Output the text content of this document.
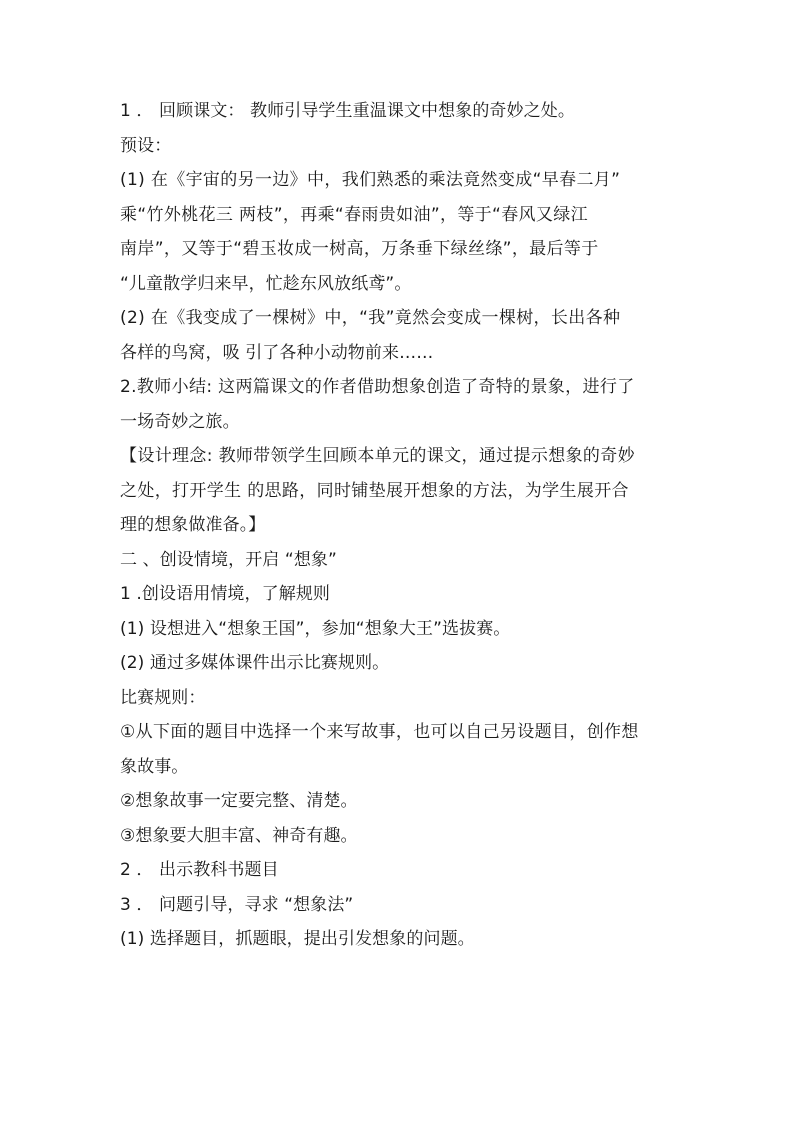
1 ． 回顾课文： 教师引导学生重温课文中想象的奇妙之处。
预设：
(1) 在《宇宙的另一边》中，我们熟悉的乘法竟然变成“早春二月”
乘“竹外桃花三 两枝”，再乘“春雨贵如油”，等于“春风又绿江
南岸”，又等于“碧玉妆成一树高，万条垂下绿丝绦”，最后等于
“儿童散学归来早，忙趁东风放纸鸢”。
(2) 在《我变成了一棵树》中，“我”竟然会变成一棵树，长出各种
各样的鸟窝，吸 引了各种小动物前来……
2.教师小结: 这两篇课文的作者借助想象创造了奇特的景象，进行了
一场奇妙之旅。
【设计理念: 教师带领学生回顾本单元的课文，通过提示想象的奇妙
之处，打开学生 的思路，同时铺垫展开想象的方法，为学生展开合
理的想象做准备。】
二 、创设情境，开启 “想象”
1 .创设语用情境，了解规则
(1) 设想进入“想象王国”，参加“想象大王”选拔赛。
(2) 通过多媒体课件出示比赛规则。
比赛规则：
①从下面的题目中选择一个来写故事，也可以自己另设题目，创作想
象故事。
②想象故事一定要完整、清楚。
③想象要大胆丰富、神奇有趣。
2 ． 出示教科书题目
3 ． 问题引导，寻求 “想象法”
(1) 选择题目，抓题眼，提出引发想象的问题。
